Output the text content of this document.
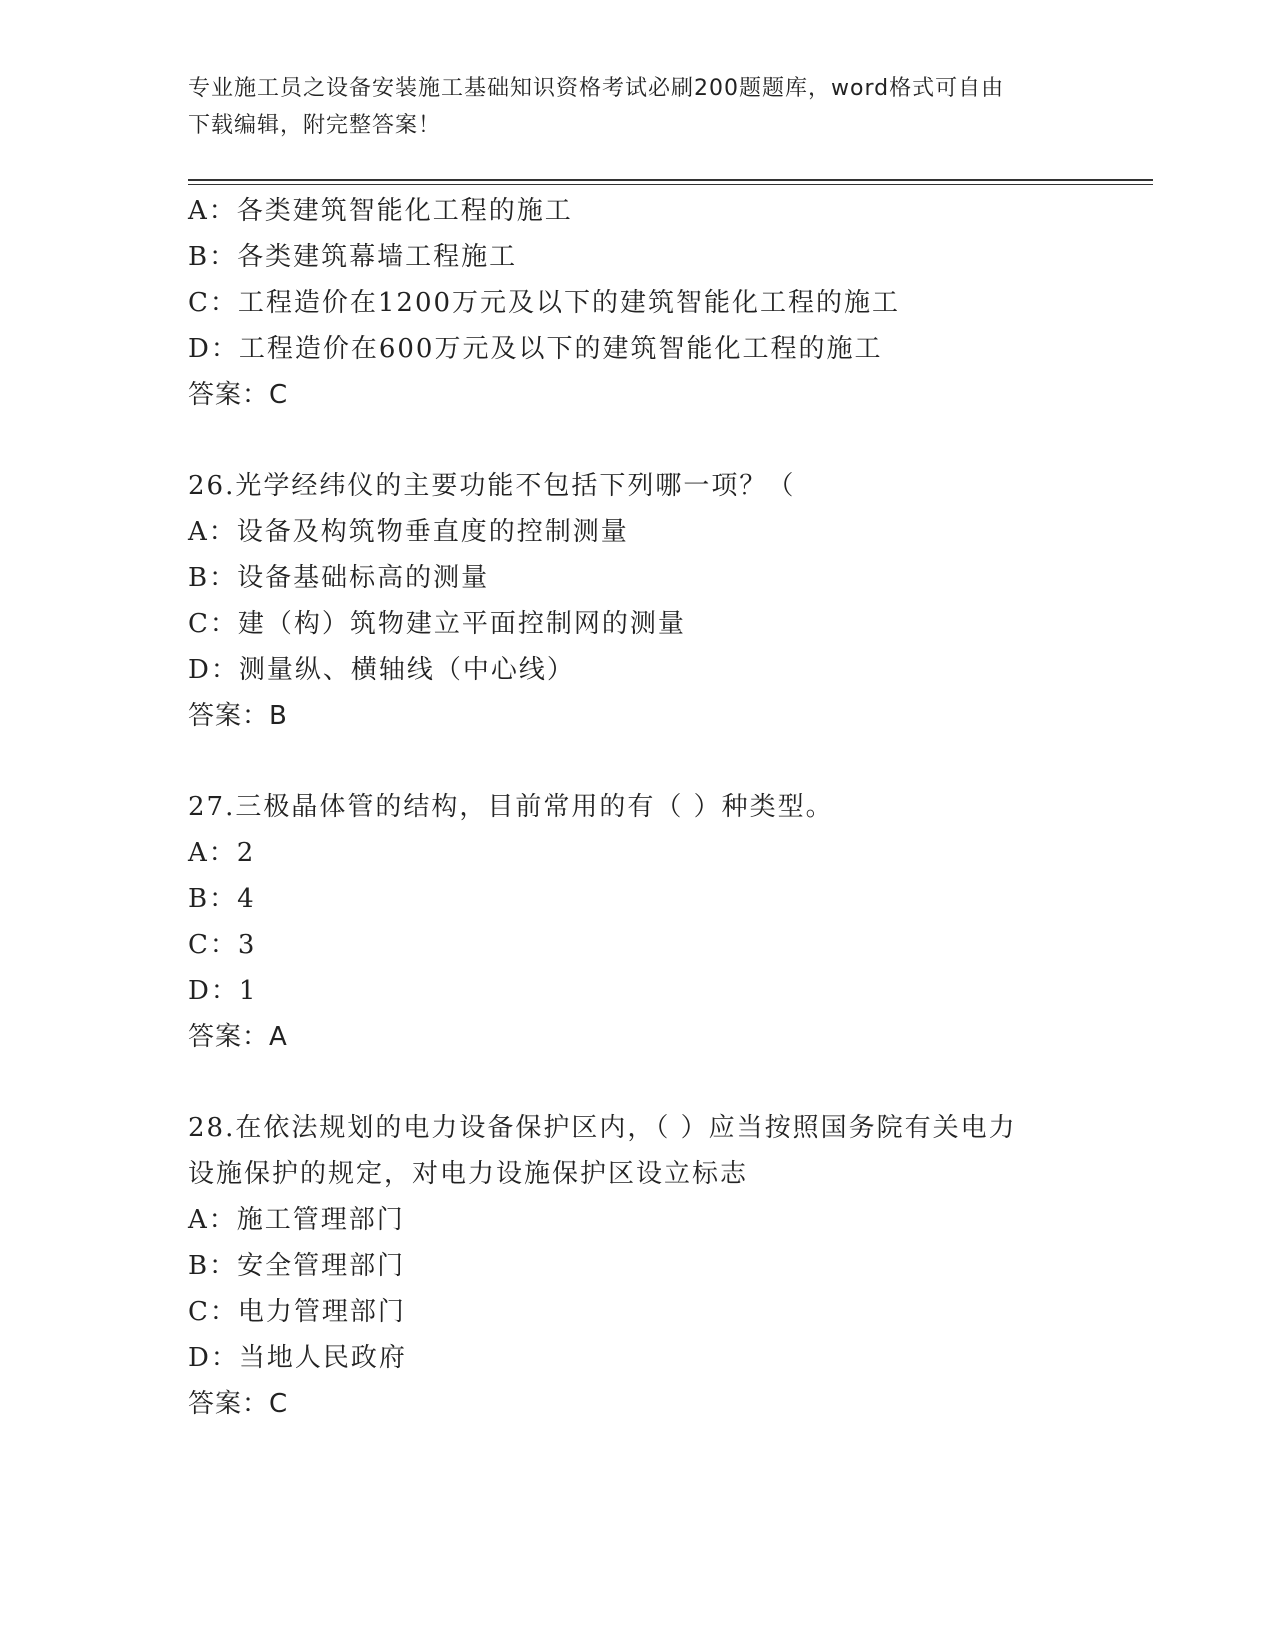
专业施工员之设备安装施工基础知识资格考试必刷200题题库，word格式可自由
下载编辑，附完整答案！
A：各类建筑智能化工程的施工
B：各类建筑幕墙工程施工
C：工程造价在1200万元及以下的建筑智能化工程的施工
D：工程造价在600万元及以下的建筑智能化工程的施工
答案：C
26.光学经纬仪的主要功能不包括下列哪一项？（
A：设备及构筑物垂直度的控制测量
B：设备基础标高的测量
C：建（构）筑物建立平面控制网的测量
D：测量纵、横轴线（中心线）
答案：B
27.三极晶体管的结构，目前常用的有（ ）种类型。
A：2
B：4
C：3
D：1
答案：A
28.在依法规划的电力设备保护区内，（ ）应当按照国务院有关电力
设施保护的规定，对电力设施保护区设立标志
A：施工管理部门
B：安全管理部门
C：电力管理部门
D：当地人民政府
答案：C
